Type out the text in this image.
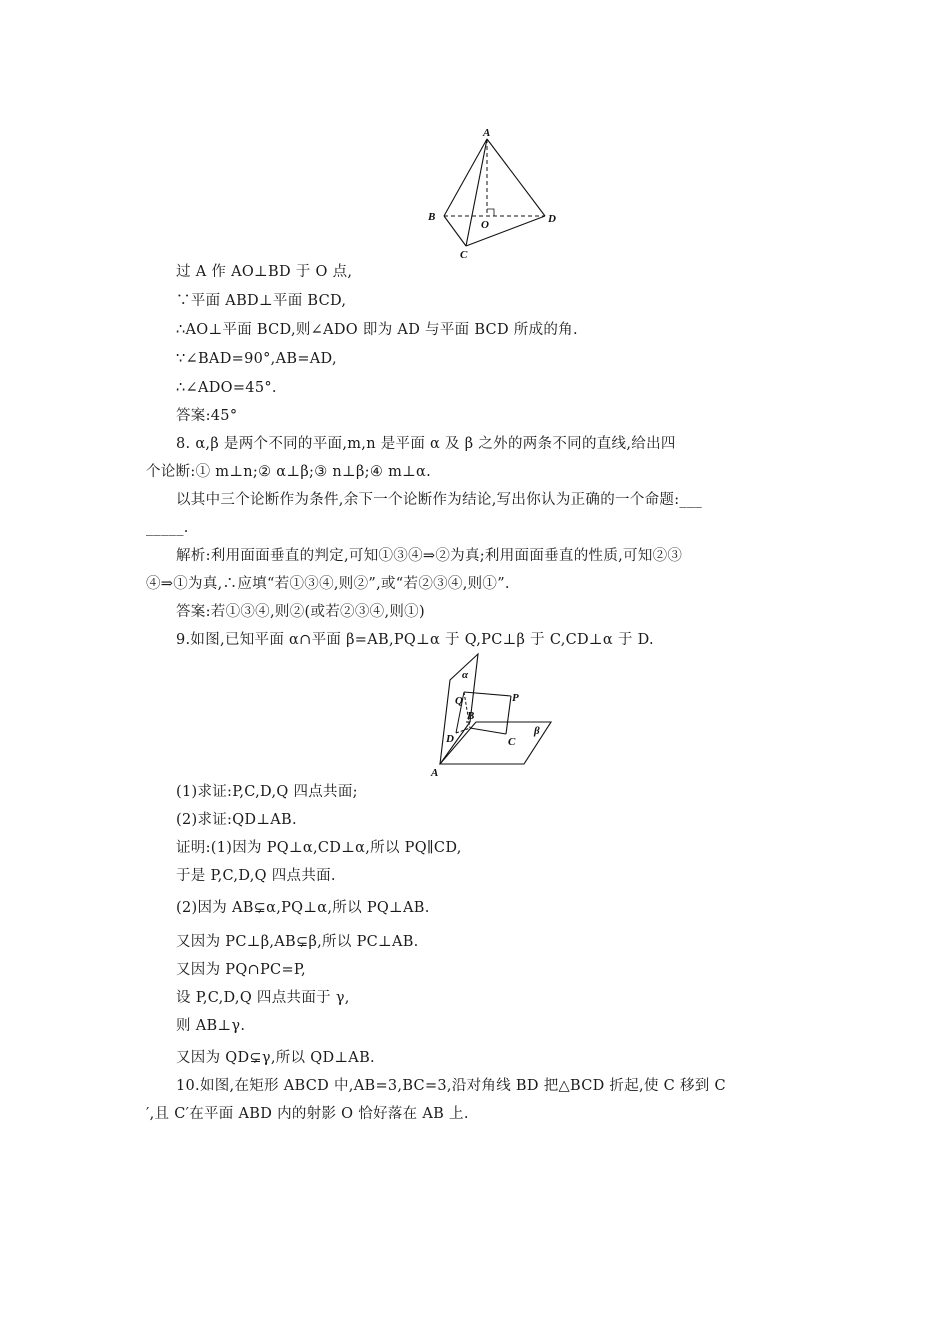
A
B	D
O
C
过 A 作 AO⊥BD 于 O 点,
∵平面 ABD⊥平面 BCD,
∴AO⊥平面 BCD,则∠ADO 即为 AD 与平面 BCD 所成的角.
∵∠BAD=90°,AB=AD,
∴∠ADO=45°.
答案:45°
8. α,β 是两个不同的平面,m,n 是平面 α 及 β 之外的两条不同的直线,给出四
个论断:① m⊥n;② α⊥β;③ n⊥β;④ m⊥α.
以其中三个论断作为条件,余下一个论断作为结论,写出你认为正确的一个命题:___
_____.
解析:利用面面垂直的判定,可知①③④⇒②为真;利用面面垂直的性质,可知②③
④⇒①为真,∴应填“若①③④,则②”,或“若②③④,则①”.
答案:若①③④,则②(或若②③④,则①)
9.如图,已知平面 α∩平面 β=AB,PQ⊥α 于 Q,PC⊥β 于 C,CD⊥α 于 D.
α
Q	P
B
β
D	C
A
(1)求证:P,C,D,Q 四点共面;
(2)求证:QD⊥AB.
证明:(1)因为 PQ⊥α,CD⊥α,所以 PQ∥CD,
于是 P,C,D,Q 四点共面.
(2)因为 AB⊊α,PQ⊥α,所以 PQ⊥AB.
又因为 PC⊥β,AB⊊β,所以 PC⊥AB.
又因为 PQ∩PC=P,
设 P,C,D,Q 四点共面于 γ,
则 AB⊥γ.
又因为 QD⊊γ,所以 QD⊥AB.
10.如图,在矩形 ABCD 中,AB=3,BC=3,沿对角线 BD 把△BCD 折起,使 C 移到 C
′,且 C′在平面 ABD 内的射影 O 恰好落在 AB 上.
